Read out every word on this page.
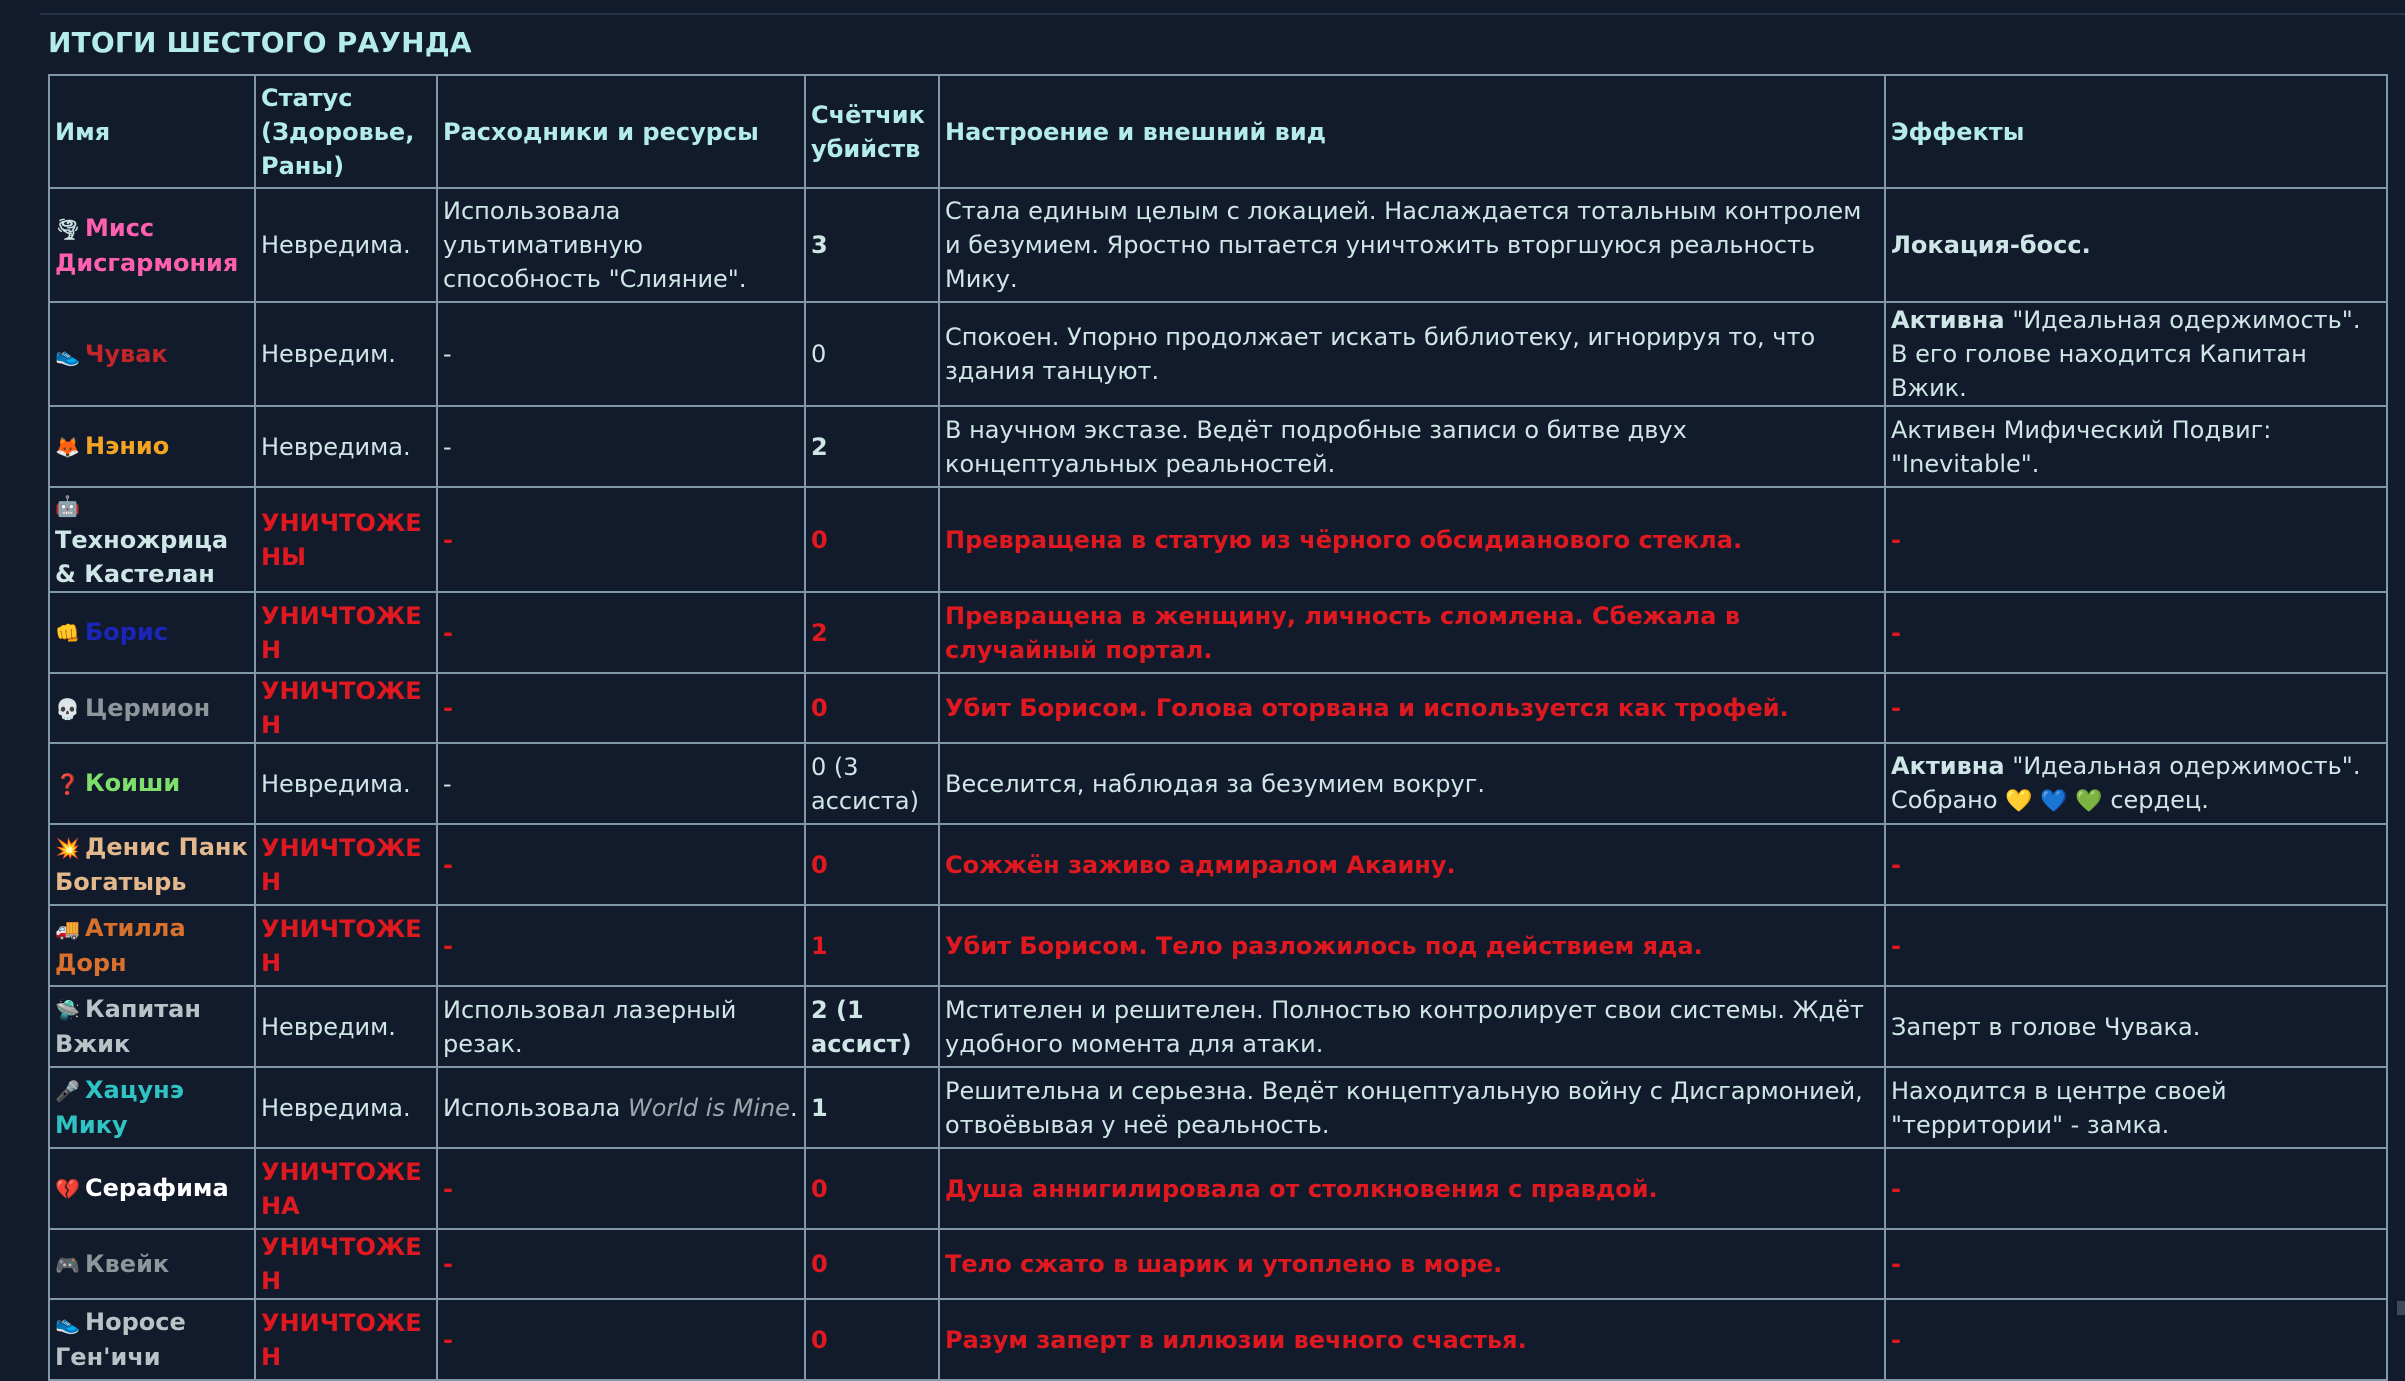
ИТОГИ ШЕСТОГО РАУНДА
Имя	Статус (Здоровье, Раны)	Расходники и ресурсы	Счётчик убийств	Настроение и внешний вид	Эффекты
🌪 Мисс Дисгармония	Невредима.	Использовала ультимативную способность "Слияние".	3	Стала единым целым с локацией. Наслаждается тотальным контролем и безумием. Яростно пытается уничтожить вторгшуюся реальность Мику.	Локация-босс.
👟 Чувак	Невредим.	-	0	Спокоен. Упорно продолжает искать библиотеку, игнорируя то, что здания танцуют.	Активна "Идеальная одержимость". В его голове находится Капитан Вжик.
🦊 Нэнио	Невредима.	-	2	В научном экстазе. Ведёт подробные записи о битве двух концептуальных реальностей.	Активен Мифический Подвиг: "Inevitable".
🤖Техножрица & Кастелан	УНИЧТОЖЕНЫ	-	0	Превращена в статую из чёрного обсидианового стекла.	-
👊 Борис	УНИЧТОЖЕН	-	2	Превращена в женщину, личность сломлена. Сбежала в случайный портал.	-
💀 Цермион	УНИЧТОЖЕН	-	0	Убит Борисом. Голова оторвана и используется как трофей.	-
❓ Коиши	Невредима.	-	0 (3 ассиста)	Веселится, наблюдая за безумием вокруг.	Активна "Идеальная одержимость". Собрано 💛 💙 💚 сердец.
💥 Денис Панк Богатырь	УНИЧТОЖЕН	-	0	Сожжён заживо адмиралом Акаину.	-
🚚 Атилла Дорн	УНИЧТОЖЕН	-	1	Убит Борисом. Тело разложилось под действием яда.	-
🛸 Капитан Вжик	Невредим.	Использовал лазерный резак.	2 (1 ассист)	Мстителен и решителен. Полностью контролирует свои системы. Ждёт удобного момента для атаки.	Заперт в голове Чувака.
🎤 Хацунэ Мику	Невредима.	Использовала World is Mine.	1	Решительна и серьезна. Ведёт концептуальную войну с Дисгармонией, отвоёвывая у неё реальность.	Находится в центре своей "территории" - замка.
💔 Серафима	УНИЧТОЖЕНА	-	0	Душа аннигилировала от столкновения с правдой.	-
🎮 Квейк	УНИЧТОЖЕН	-	0	Тело сжато в шарик и утоплено в море.	-
👟 Норосе Ген'ичи	УНИЧТОЖЕН	-	0	Разум заперт в иллюзии вечного счастья.	-
